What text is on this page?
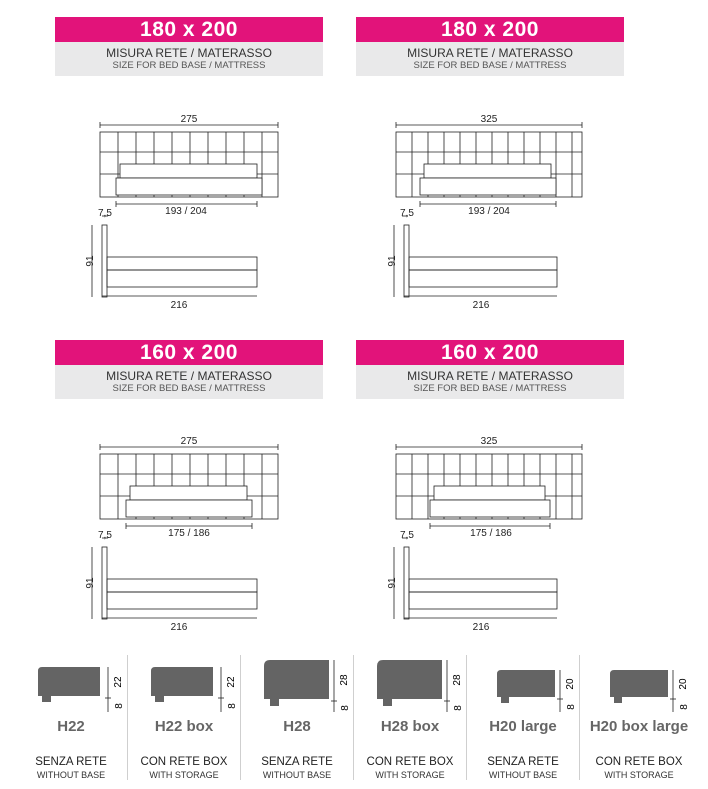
180 x 200
MISURA RETE / MATERASSO
SIZE FOR BED BASE / MATTRESS
180 x 200
MISURA RETE / MATERASSO
SIZE FOR BED BASE / MATTRESS
160 x 200
MISURA RETE / MATERASSO
SIZE FOR BED BASE / MATTRESS
160 x 200
MISURA RETE / MATERASSO
SIZE FOR BED BASE / MATTRESS
275
193 / 204
7,5
91
216
325
193 / 204
7,5
91
216
275
175 / 186
7,5
91
216
325
175 / 186
7,5
91
216
22
8
H22
SENZA RETE
WITHOUT BASE
22
8
H22 box
CON RETE BOX
WITH STORAGE
28
8
H28
SENZA RETE
WITHOUT BASE
28
8
H28 box
CON RETE BOX
WITH STORAGE
20
8
H20 large
SENZA RETE
WITHOUT BASE
20
8
H20 box large
CON RETE BOX
WITH STORAGE
